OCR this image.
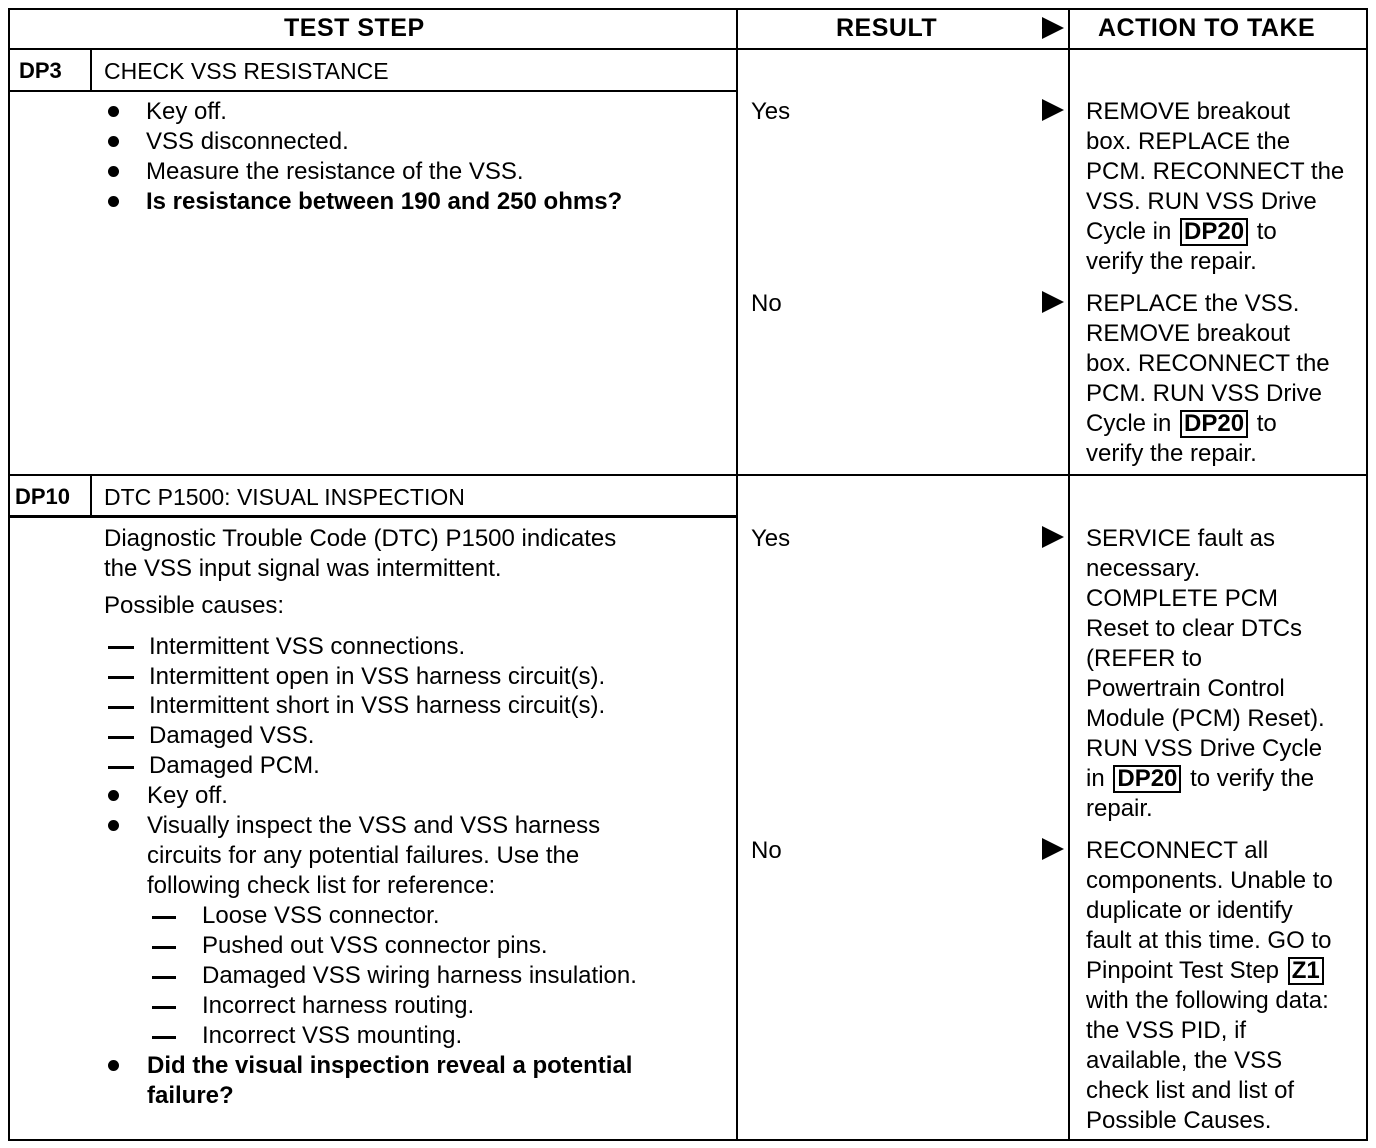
TEST STEP	RESULT	ACTION TO TAKE
DP3 CHECK VSS RESISTANCE
Key off.
VSS disconnected.
Measure the resistance of the VSS.
Is resistance between 190 and 250 ohms?
Yes
No
REMOVE breakout
box. REPLACE the
PCM. RECONNECT the
VSS. RUN VSS Drive
Cycle in DP20 to
verify the repair.
REPLACE the VSS.
REMOVE breakout
box. RECONNECT the
PCM. RUN VSS Drive
Cycle in DP20 to
verify the repair.
DP10 DTC P1500: VISUAL INSPECTION
Diagnostic Trouble Code (DTC) P1500 indicates
the VSS input signal was intermittent.
Possible causes:
Intermittent VSS connections.
Intermittent open in VSS harness circuit(s).
Intermittent short in VSS harness circuit(s).
Damaged VSS.
Damaged PCM.
Key off.
Visually inspect the VSS and VSS harness
circuits for any potential failures. Use the
following check list for reference:
Loose VSS connector.
Pushed out VSS connector pins.
Damaged VSS wiring harness insulation.
Incorrect harness routing.
Incorrect VSS mounting.
Did the visual inspection reveal a potential
failure?
Yes
No
SERVICE fault as
necessary.
COMPLETE PCM
Reset to clear DTCs
(REFER to
Powertrain Control
Module (PCM) Reset).
RUN VSS Drive Cycle
in DP20 to verify the
repair.
RECONNECT all
components. Unable to
duplicate or identify
fault at this time. GO to
Pinpoint Test Step Z1
with the following data:
the VSS PID, if
available, the VSS
check list and list of
Possible Causes.
